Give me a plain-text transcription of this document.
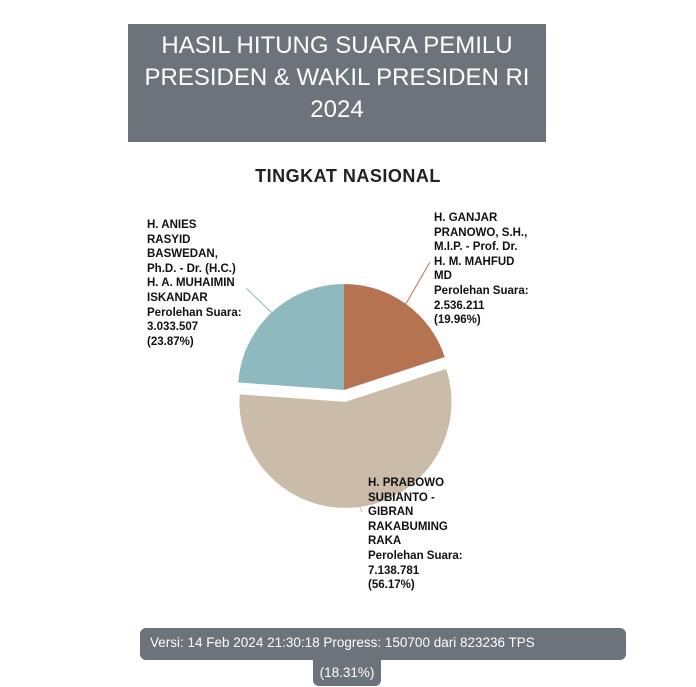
HASIL HITUNG SUARA PEMILU
PRESIDEN & WAKIL PRESIDEN RI
2024
TINGKAT NASIONAL
H. ANIES
RASYID
BASWEDAN,
Ph.D. - Dr. (H.C.)
H. A. MUHAIMIN
ISKANDAR
Perolehan Suara:
3.033.507
(23.87%)
H. GANJAR
PRANOWO, S.H.,
M.I.P. - Prof. Dr.
H. M. MAHFUD
MD
Perolehan Suara:
2.536.211
(19.96%)
H. PRABOWO
SUBIANTO -
GIBRAN
RAKABUMING
RAKA
Perolehan Suara:
7.138.781
(56.17%)
Versi: 14 Feb 2024 21:30:18 Progress: 150700 dari 823236 TPS
(18.31%)
